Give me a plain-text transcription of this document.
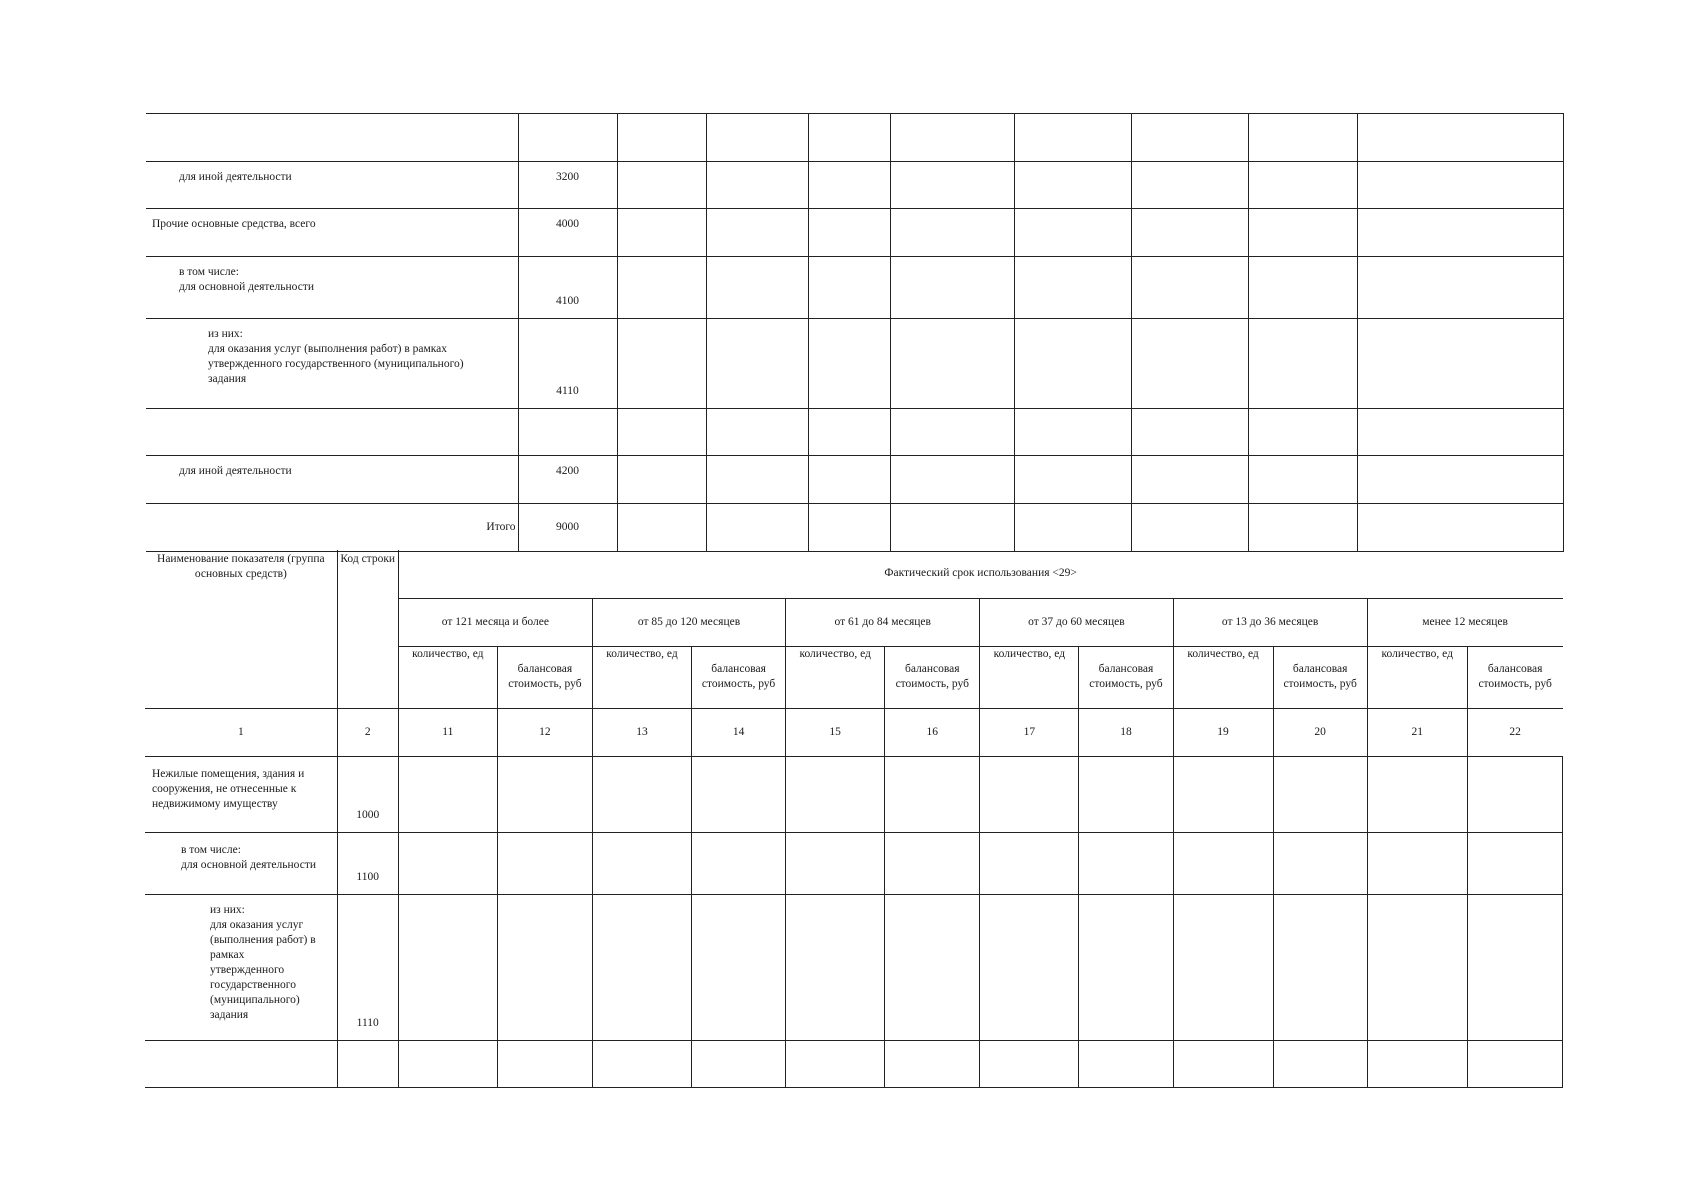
для иной деятельности	3200								
Прочие основные средства, всего	4000								

в том числе:
для основной деятельности	4100								

из них:
для оказания услуг (выполнения работ) в рамках
утвержденного государственного (муниципального)
задания	4110								

для иной деятельности	4200								
Итого	9000								
Наименование показателя (группа основных средств)	Код строки	Фактический срок использования <29>											
		от 121 месяца и более		от 85 до 120 месяцев		от 61 до 84 месяцев		от 37 до 60 месяцев		от 13 до 36 месяцев		менее 12 месяцев	
		количество, ед	балансовая стоимость, руб	количество, ед	балансовая стоимость, руб	количество, ед	балансовая стоимость, руб	количество, ед	балансовая стоимость, руб	количество, ед	балансовая стоимость, руб	количество, ед	балансовая стоимость, руб
1	2	11	12	13	14	15	16	17	18	19	20	21	22
Нежилые помещения, здания и сооружения, не отнесенные к недвижимому имуществу	1000												

в том числе:
для основной деятельности	1100												

из них:
для оказания услуг (выполнения работ) в рамках утвержденного государственного (муниципального) задания	1110												
